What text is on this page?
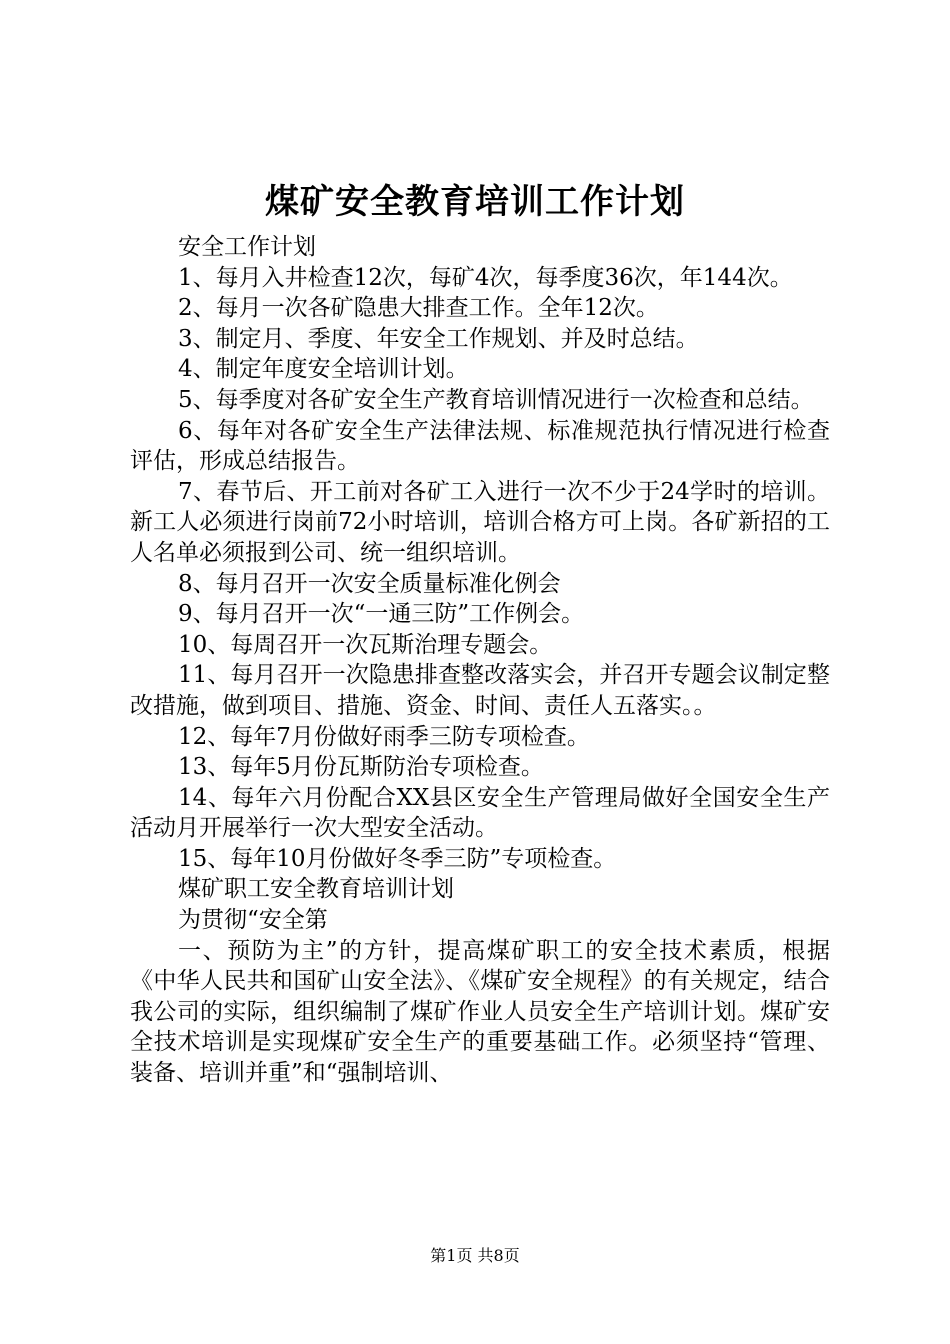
煤矿安全教育培训工作计划

安全工作计划

1、每月入井检查12次，每矿4次，每季度36次，年144次。

2、每月一次各矿隐患大排查工作。全年12次。

3、制定月、季度、年安全工作规划、并及时总结。

4、制定年度安全培训计划。

5、每季度对各矿安全生产教育培训情况进行一次检查和总结。

6、每年对各矿安全生产法律法规、标准规范执行情况进行检查评估，形成总结报告。

7、春节后、开工前对各矿工入进行一次不少于24学时的培训。新工人必须进行岗前72小时培训，培训合格方可上岗。各矿新招的工人名单必须报到公司、统一组织培训。

8、每月召开一次安全质量标准化例会

9、每月召开一次“一通三防”工作例会。

10、每周召开一次瓦斯治理专题会。

11、每月召开一次隐患排查整改落实会，并召开专题会议制定整改措施，做到项目、措施、资金、时间、责任人五落实。。

12、每年7月份做好雨季三防专项检查。

13、每年5月份瓦斯防治专项检查。

14、每年六月份配合XX县区安全生产管理局做好全国安全生产活动月开展举行一次大型安全活动。

15、每年10月份做好冬季三防”专项检查。

煤矿职工安全教育培训计划

为贯彻“安全第

一、预防为主”的方针，提高煤矿职工的安全技术素质，根据《中华人民共和国矿山安全法》、《煤矿安全规程》的有关规定，结合我公司的实际，组织编制了煤矿作业人员安全生产培训计划。煤矿安全技术培训是实现煤矿安全生产的重要基础工作。必须坚持“管理、装备、培训并重”和“强制培训、

第1页 共8页
